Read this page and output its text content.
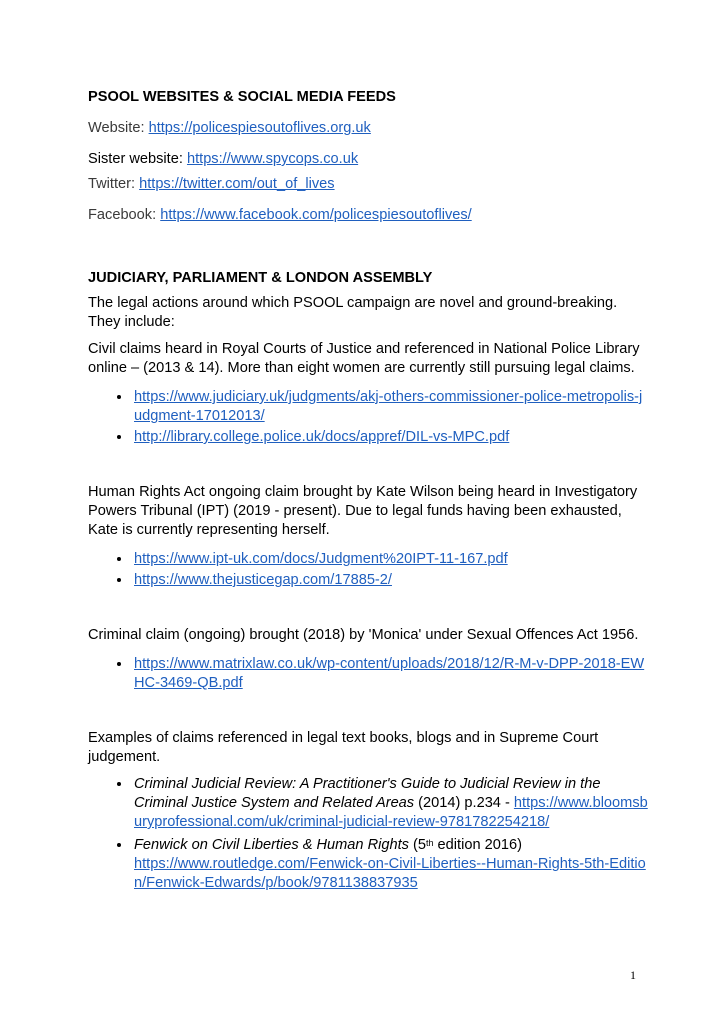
PSOOL WEBSITES & SOCIAL MEDIA FEEDS

Website: https://policespiesoutoflives.org.uk

Sister website: https://www.spycops.co.uk

Twitter: https://twitter.com/out_of_lives

Facebook: https://www.facebook.com/policespiesoutoflives/

JUDICIARY, PARLIAMENT & LONDON ASSEMBLY

The legal actions around which PSOOL campaign are novel and ground-breaking. They include:

Civil claims heard in Royal Courts of Justice and referenced in National Police Library online – (2013 & 14). More than eight women are currently still pursuing legal claims.

• https://www.judiciary.uk/judgments/akj-others-commissioner-police-metropolis-judgment-17012013/
• http://library.college.police.uk/docs/appref/DIL-vs-MPC.pdf

Human Rights Act ongoing claim brought by Kate Wilson being heard in Investigatory Powers Tribunal (IPT) (2019 - present). Due to legal funds having been exhausted, Kate is currently representing herself.

• https://www.ipt-uk.com/docs/Judgment%20IPT-11-167.pdf
• https://www.thejusticegap.com/17885-2/

Criminal claim (ongoing) brought (2018) by 'Monica' under Sexual Offences Act 1956.

• https://www.matrixlaw.co.uk/wp-content/uploads/2018/12/R-M-v-DPP-2018-EWHC-3469-QB.pdf

Examples of claims referenced in legal text books, blogs and in Supreme Court judgement.

• Criminal Judicial Review: A Practitioner's Guide to Judicial Review in the Criminal Justice System and Related Areas (2014) p.234 - https://www.bloomsburyprofessional.com/uk/criminal-judicial-review-9781782254218/
• Fenwick on Civil Liberties & Human Rights (5th edition 2016)
https://www.routledge.com/Fenwick-on-Civil-Liberties--Human-Rights-5th-Edition/Fenwick-Edwards/p/book/9781138837935
1
